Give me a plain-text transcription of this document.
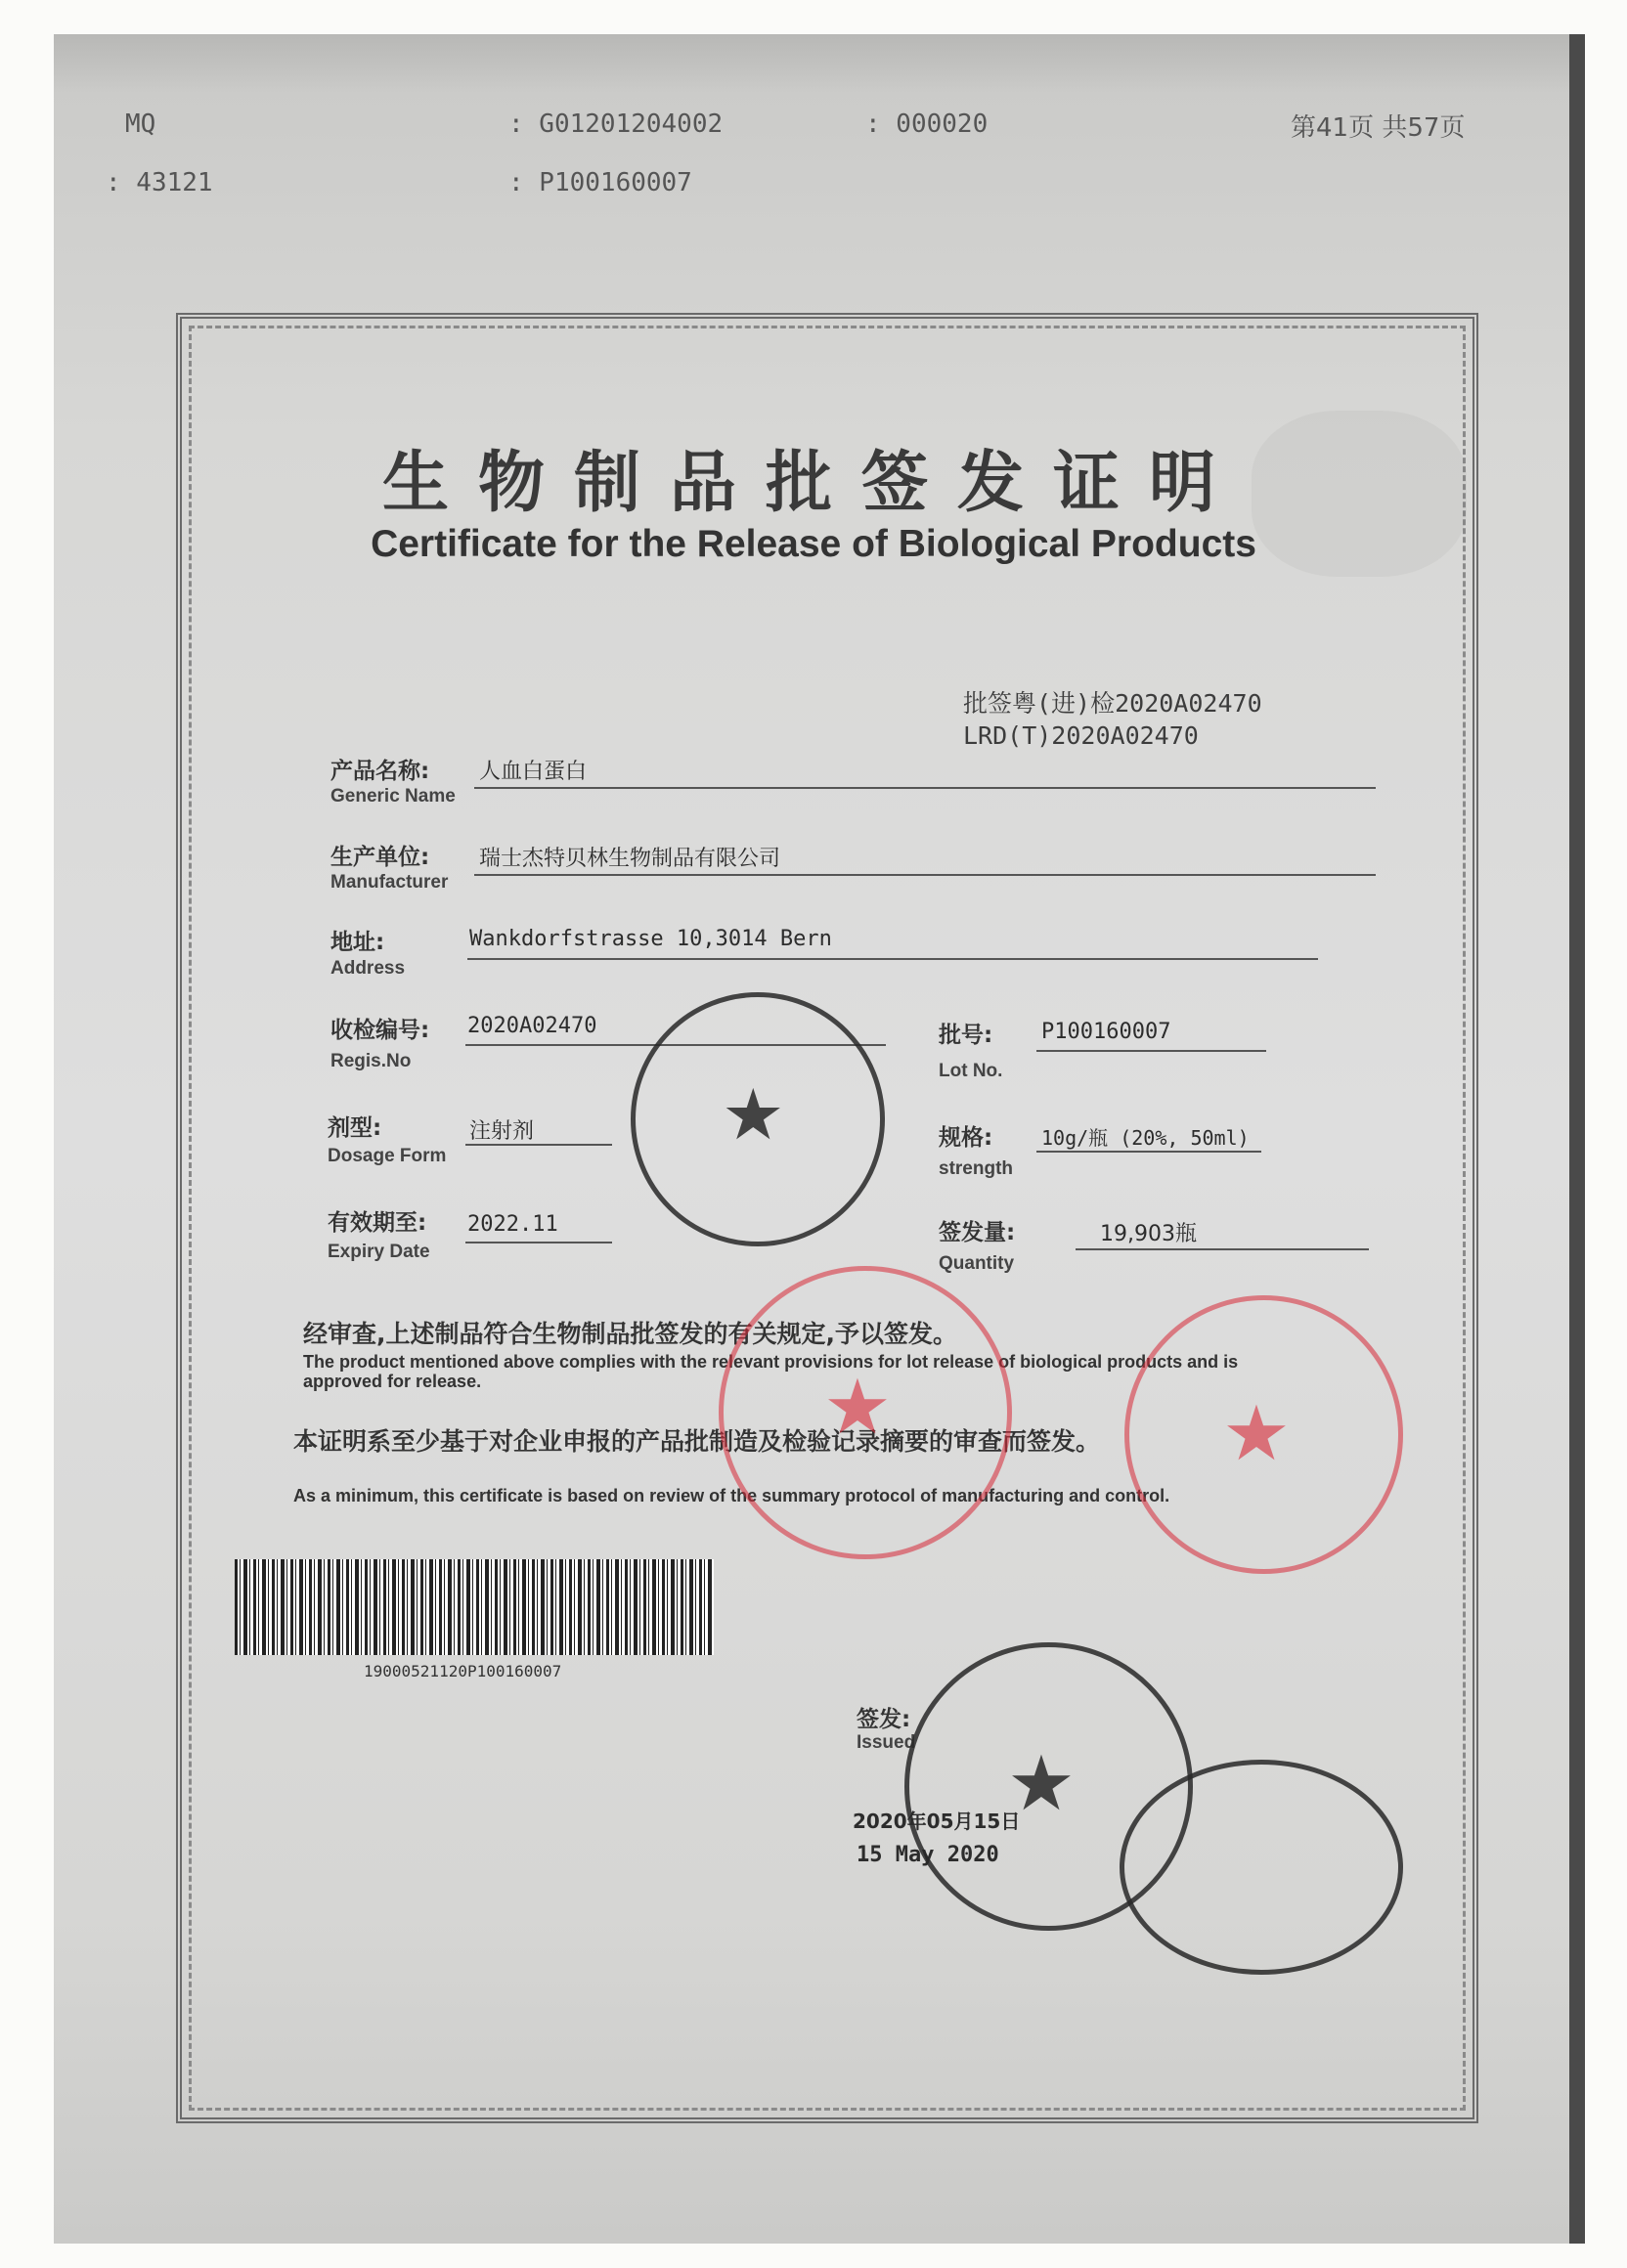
MQ
: 43121
: G01201204002
: P100160007
: 000020	第41页 共57页
生物制品批签发证明
Certificate for the Release of Biological Products
批签粤(进)检2020A02470
LRD(T)2020A02470
产品名称:
Generic Name
人血白蛋白
生产单位:
Manufacturer
瑞士杰特贝林生物制品有限公司
地址:
Address
Wankdorfstrasse 10,3014 Bern
收检编号:
Regis.No
2020A02470	批号:
Lot No.
P100160007
剂型:
Dosage Form
注射剂	规格:
strength
10g/瓶 (20%, 50ml)
有效期至:
Expiry Date
2022.11	签发量:
Quantity
19,903瓶
经审查,上述制品符合生物制品批签发的有关规定,予以签发。
The product mentioned above complies with the relevant provisions for lot release of biological products and is approved for release.
本证明系至少基于对企业申报的产品批制造及检验记录摘要的审查而签发。
As a minimum, this certificate is based on review of the summary protocol of manufacturing and control.
19000521120P100160007
签发:
Issued
2020年05月15日
15 May 2020
★
★	★
★
